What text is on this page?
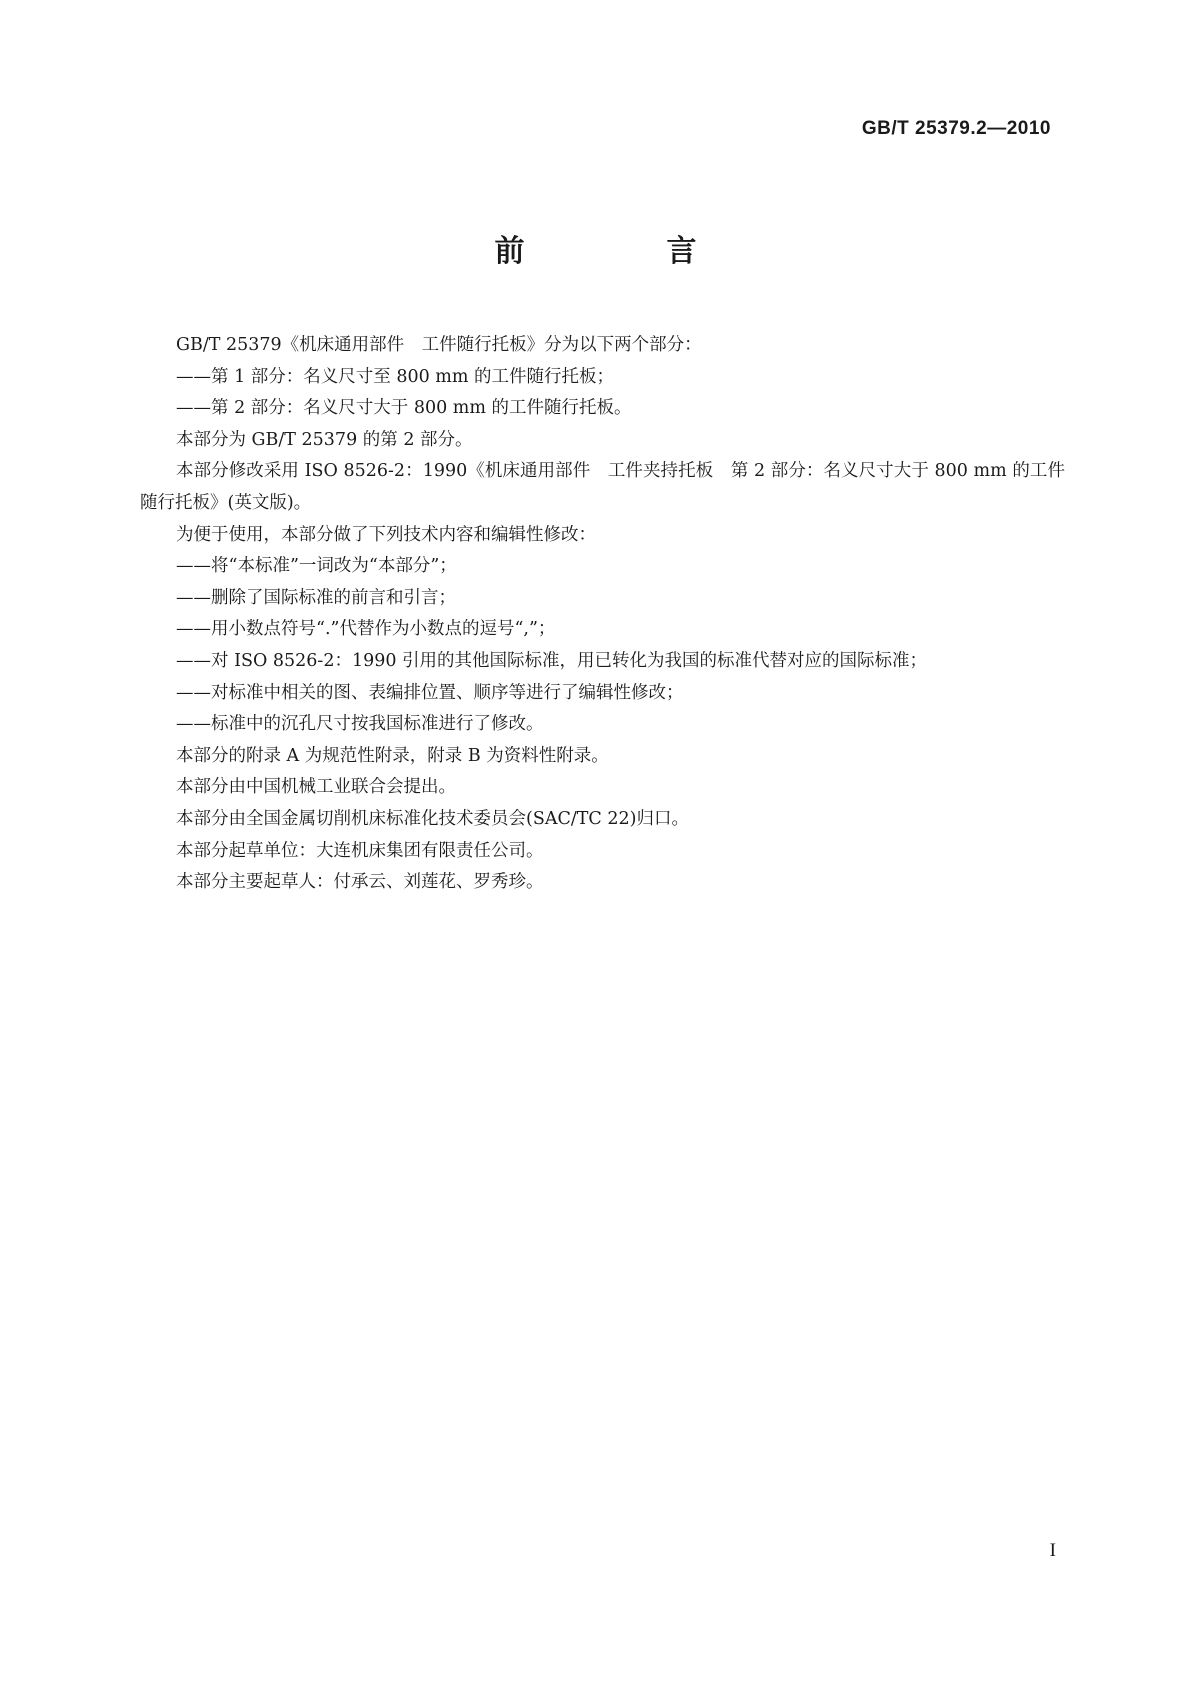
GB/T 25379.2—2010
前　言

GB/T 25379《机床通用部件　工件随行托板》分为以下两个部分：

——第 1 部分：名义尺寸至 800 mm 的工件随行托板；

——第 2 部分：名义尺寸大于 800 mm 的工件随行托板。

本部分为 GB/T 25379 的第 2 部分。

本部分修改采用 ISO 8526-2：1990《机床通用部件　工件夹持托板　第 2 部分：名义尺寸大于 800 mm 的工件随行托板》(英文版)。

为便于使用，本部分做了下列技术内容和编辑性修改：

——将“本标准”一词改为“本部分”；

——删除了国际标准的前言和引言；

——用小数点符号“.”代替作为小数点的逗号“,”；

——对 ISO 8526-2：1990 引用的其他国际标准，用已转化为我国的标准代替对应的国际标准；

——对标准中相关的图、表编排位置、顺序等进行了编辑性修改；

——标准中的沉孔尺寸按我国标准进行了修改。

本部分的附录 A 为规范性附录，附录 B 为资料性附录。

本部分由中国机械工业联合会提出。

本部分由全国金属切削机床标准化技术委员会(SAC/TC 22)归口。

本部分起草单位：大连机床集团有限责任公司。

本部分主要起草人：付承云、刘莲花、罗秀珍。

I
